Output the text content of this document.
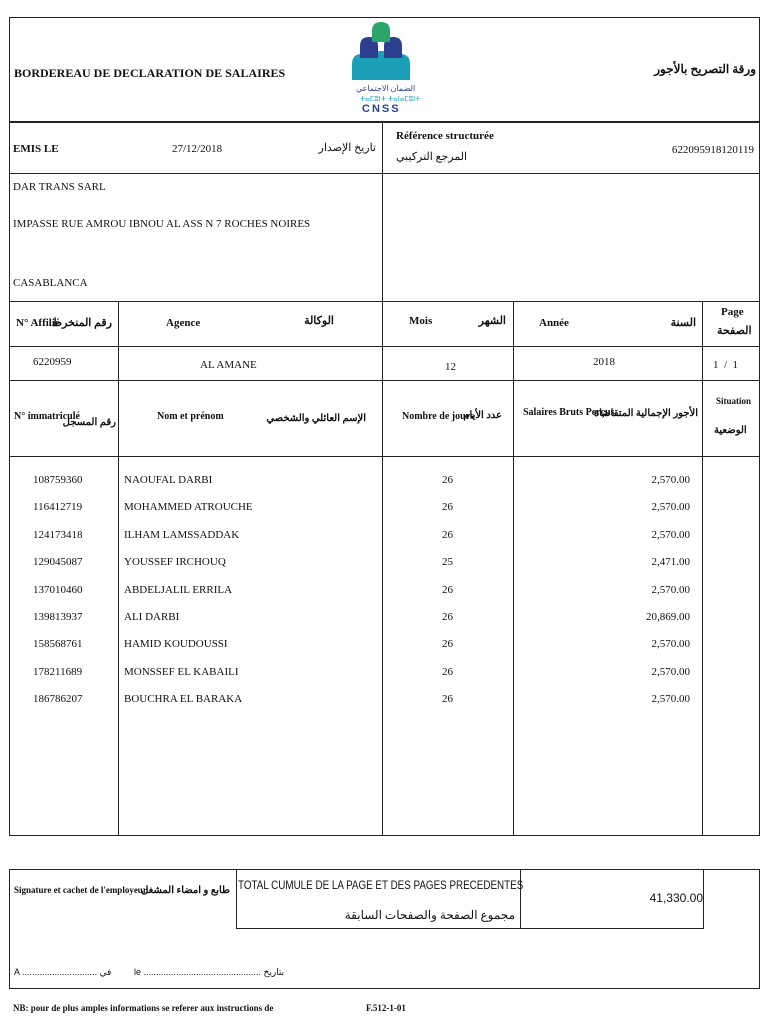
BORDEREAU DE DECLARATION DE SALAIRES	ورقة التصريح بالأجور
الضمان الاجتماعي
ⵜⴰⵎⵓⵏⵜ ⵜⴰⵏⴰⵎⵓⵏⵜ
CNSS
EMIS LE	27/12/2018	تاريخ الإصدار
Référence structurée
المرجع التركيبي
62209591812011​9
DAR TRANS SARL
IMPASSE RUE AMROU IBNOU AL ASS N 7 ROCHES NOIRES
CASABLANCA
N° Affilié
رقم المنخرط	Agence	الوكالة	Mois	الشهر	Année	السنة
Page
الصفحة
6220959	AL AMANE	12	2018	1  /  1
N° immatriculé
رقم المسجل
Nom et prénom	الإسم العائلي والشخصي	Nombre de jours
عدد الأيام Salaires Bruts Perçus
الأجور الإجمالية المتقاضاة
Situation
الوضعية
108759360	NAOUFAL DARBI	26	2,570.00
116412719	MOHAMMED ATROUCHE	26	2,570.00
124173418	ILHAM LAMSSADDAK	26	2,570.00
129045087	YOUSSEF IRCHOUQ	25	2,471.00
137010460	ABDELJALIL ERRILA	26	2,570.00
139813937	ALI DARBI	26	20,869.00
158568761	HAMID KOUDOUSSI	26	2,570.00
178211689	MONSSEF EL KABAILI	26	2,570.00
186786207	BOUCHRA EL BARAKA	26	2,570.00
Signature et cachet de l'employeur
طابع و امضاء المشغل TOTAL CUMULE DE LA PAGE ET DES PAGES PRECEDENTES
مجموع الصفحة والصفحات السابقة
41,330.00
A .............................. في	le ............................................... بتاريخ
NB: pour de plus amples informations se referer aux instructions de	F.512-1-01
